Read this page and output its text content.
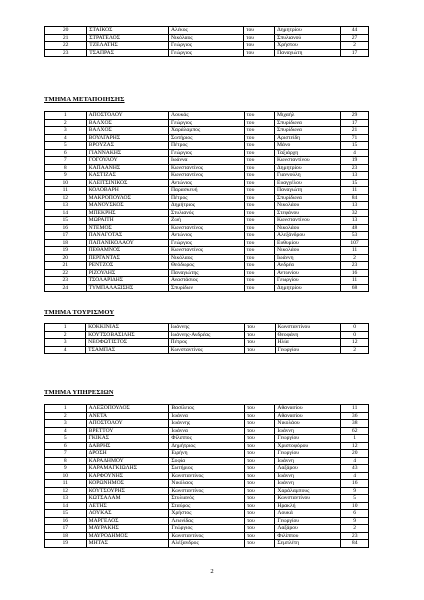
20	ΣΤΑΙΚΟΣ	Αλέκος	του	Δημητρίου	44
21	ΣΤΡΑΤΕΛΟΣ	Νικόλαος	του	Σπυλιανού	27
22	ΤΖΕΛΑΤΗΣ	Γεώργιος	του	Χρήστου	2
23	ΤΣΑΠΡΑΣ	Γεώργιος	του	Παναγιώτη	17
ΤΜΗΜΑ ΜΕΤΑΠΟΙΗΣΗΣ
1	ΑΠΟΣΤΟΛΟΥ	Λουκάς	του	Μιχαήλ	29
2	ΒΑΛΧΟΣ	Γεώργιος	του	Σπυρίδωνα	17
3	ΒΑΛΧΟΣ	Χαράλαμπος	του	Σπυρίδωνα	21
4	ΒΟΥΛΓΑΡΗΣ	Σωτήριος	του	Αριστείδη	71
5	ΒΡΟΥΖΑΣ	Πέτρος	του	Μάνο	15
6	ΓΙΑΝΝΑΚΗΣ	Γεώργιος	του	Ταξιάρχη	4
7	ΓΟΓΟΥΛΟΥ	Ιωάννα	του	Κωνσταντίνου	19
8	ΚΑΠΑΑΝΗΣ	Κωνσταντίνος	του	Δημητρίου	23
9	ΚΑΣΤΙΖΑΣ	Κωνσταντίνος	του	Γιαννούλη	13
10	ΚΛΕΙΤΣΙΝΙΚΟΣ	Αντώνιος	του	Ευαγγέλου	15
11	ΚΟΛΟΒΑΡΗ	Παρασκευή	του	Παναγιώτη	11
12	ΜΑΚΡΟΠΟΥΛΟΣ	Πέτρος	του	Σπυρίδωνα	84
13	ΜΑΝΟΥΣΚΟΣ	Δημήτριος	του	Νικολάου	13
14	ΜΠΕΚΡΗΣ	Στυλιανός	του	Στεφάνου	32
15	ΜΩΡΑΪΤΗ	Ζωή	του	Κωνσταντίνου	13
16	ΝΤΕΜΟΣ	Κωνσταντίνος	του	Νικολάου	48
17	ΠΑΝΑΓΟΤΑΣ	Αντώνιος	του	Αλεξάνδρου	53
18	ΠΑΠΑΝΙΚΟΛΑΟΥ	Γεώργιος	του	Ευθυμίου	107
19	ΠΕΘΑΜΝΟΣ	Κωνσταντίνος	του	Νικολάου	11
20	ΠΕΡΓΑΝΤΑΣ	Νικόλαος	του	Ιωάννη	2
21	ΡΕΝΤΖΟΣ	Θεόδωρος	του	Ανδρέα	23
22	ΡΙΖΟΥΛΗΣ	Παναγιώτης	του	Αντωνίου	16
23	ΤΣΟΛΑΡΙΔΗΣ	Αναστάσιος	του	Γεωργίου	11
24	ΤΥΜΠΑΛΑΞΙΣΗΣ	Σπυρίδων	του	Δημητρίου	68
ΤΜΗΜΑ ΤΟΥΡΙΣΜΟΥ
1	ΚΟΚΚΙΝΙΑΣ	Ιωάννης	του	Κωνσταντίνου	0
2	ΚΟΥΤΣΟΒΑΣΙΛΗΣ	Ιωάννης-Ανδρέας	του	Θεοφάνη	0
3	ΝΕΟΦΩΤΙΣΤΟΣ	Πέτρος	του	Ηλία	12
4	ΤΣΑΜΠΑΣ	Κωνσταντίνος	του	Γεωργίου	2
ΤΜΗΜΑ ΥΠΗΡΕΣΙΩΝ
1	ΑΛΕΞΟΠΟΥΛΟΣ	Βασίλειος	του	Αθανασίου	11
2	ΑΝΕΤΑ	Ιωάννα	του	Αθανασίου	36
3	ΑΠΟΣΤΟΛΟΥ	Ιωάννης	του	Νικολάου	38
4	ΒΡΕΤΤΟΥ	Ιωάννα	του	Ιωάννη	62
5	ΓΚΙΚΑΣ	Φίλιππος	του	Γεωργίου	1
6	ΔΑΒΡΗΣ	Δημήτριος	του	Χριστοφόρου	12
7	ΔΡΟΣΗ	Ειρήνη	του	Γεωργίου	20
8	ΚΑΡΑΔΗΜΟΥ	Σοφία	του	Ιωάννη	4
9	ΚΑΡΑΜΑΓΚΙΩΛΗΣ	Σωτήριος	του	Λαζάρου	43
10	ΚΑΡΦΟΥΝΗΣ	Κωνσταντίνος	του	Ιωάννη	4
11	ΚΟΡΩΝΗΜΟΣ	Νικόλαος	του	Ιωάννη	16
12	ΚΟΥΤΣΟΥΡΗΣ	Κωνσταντίνος	του	Χαράλαμπους	9
13	ΚΩΤΣΑΛΑΜ	Στυλιανός	του	Κωνσταντίνου	5
14	ΛΕΤΗΣ	Σταύρος	του	Ηρακλή	10
15	ΛΟΥΚΑΣ	Χρήστος	του	Λουκά	6
16	ΜΑΡΓΕΛΟΣ	Λεωνίδας	του	Γεωργίου	9
17	ΜΑΥΡΑΚΗΣ	Γεώργιος	του	Λαζάρου	2
18	ΜΑΥΡΟΔΗΜΟΣ	Κωνσταντίνος	του	Φιλίππου	23
19	ΜΗΤΑΣ	Αλέξανδρος	του	Σεμπλέτη	84
2
